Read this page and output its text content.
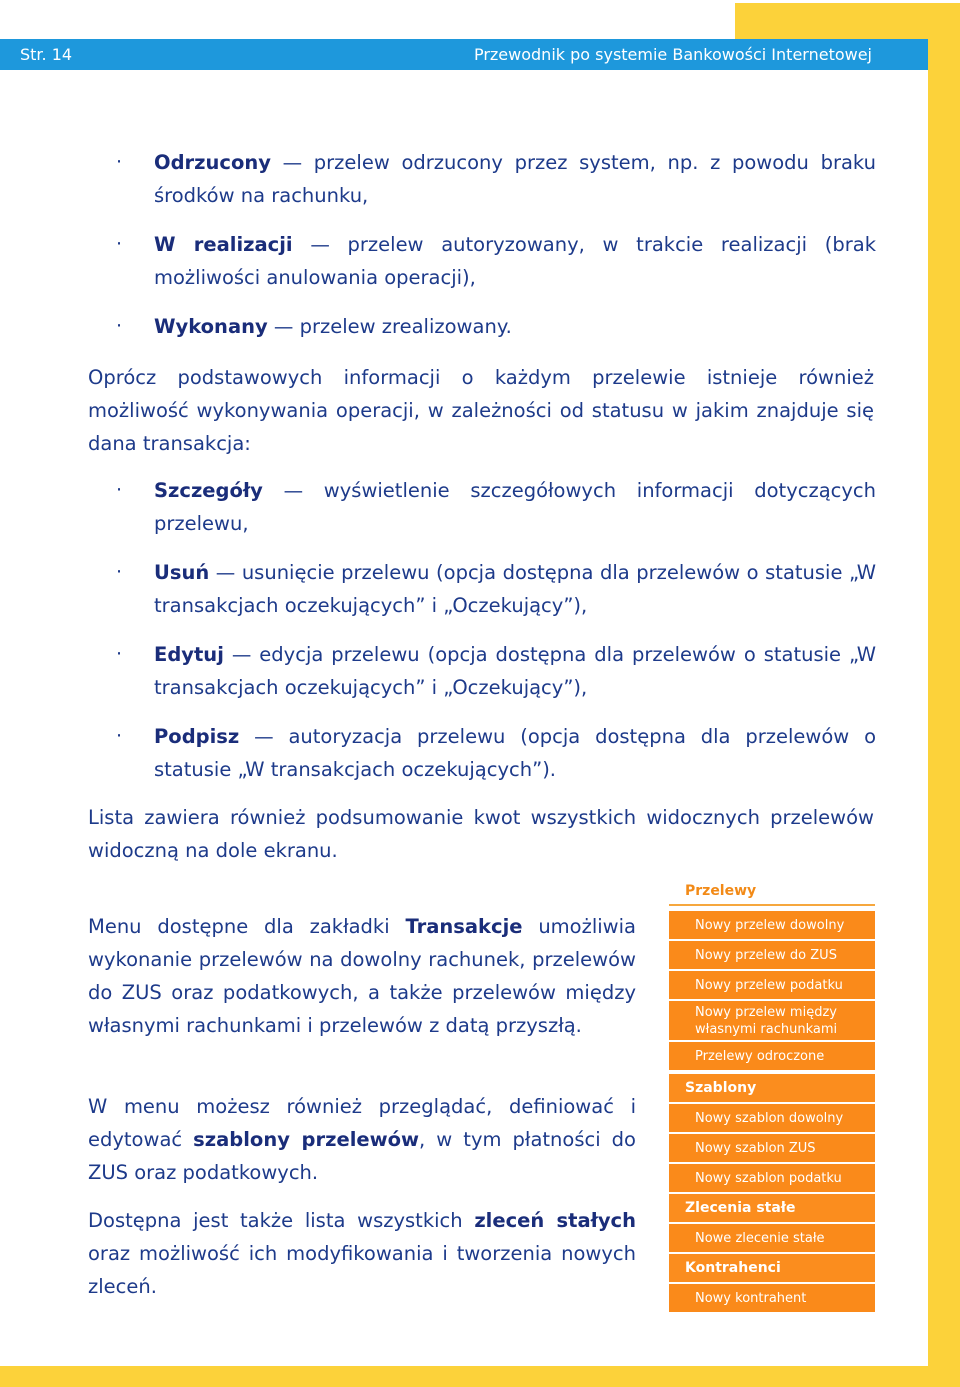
Str. 14	Przewodnik po systemie Bankowości Internetowej
· Odrzucony — przelew odrzucony przez system, np. z powodu braku środków na rachunku,
· W realizacji — przelew autoryzowany, w trakcie realizacji (brak możliwości anulowania operacji),
· Wykonany — przelew zrealizowany.

Oprócz podstawowych informacji o każdym przelewie istnieje również możliwość wykonywania operacji, w zależności od statusu w jakim znajduje się dana transakcja:

· Szczegóły — wyświetlenie szczegółowych informacji dotyczących przelewu,
· Usuń — usunięcie przelewu (opcja dostępna dla przelewów o statusie „W transakcjach oczekujących” i „Oczekujący”),
· Edytuj — edycja przelewu (opcja dostępna dla przelewów o statusie „W transakcjach oczekujących” i „Oczekujący”),
· Podpisz — autoryzacja przelewu (opcja dostępna dla przelewów o statusie „W transakcjach oczekujących”).

Lista zawiera również podsumowanie kwot wszystkich widocznych przelewów widoczną na dole ekranu.

Menu dostępne dla zakładki Transakcje umożliwia wykonanie przelewów na dowolny rachunek, przelewów do ZUS oraz podatkowych, a także przelewów między własnymi rachunkami i przelewów z datą przyszłą.

W menu możesz również przeglądać, definiować i edytować szablony przelewów, w tym płatności do ZUS oraz podatkowych.

Dostępna jest także lista wszystkich zleceń stałych oraz możliwość ich modyfikowania i tworzenia nowych zleceń.

Przelewy
Nowy przelew dowolny
Nowy przelew do ZUS
Nowy przelew podatku
Nowy przelew między
własnymi rachunkami
Przelewy odroczone
Szablony
Nowy szablon dowolny
Nowy szablon ZUS
Nowy szablon podatku
Zlecenia stałe
Nowe zlecenie stałe
Kontrahenci
Nowy kontrahent
